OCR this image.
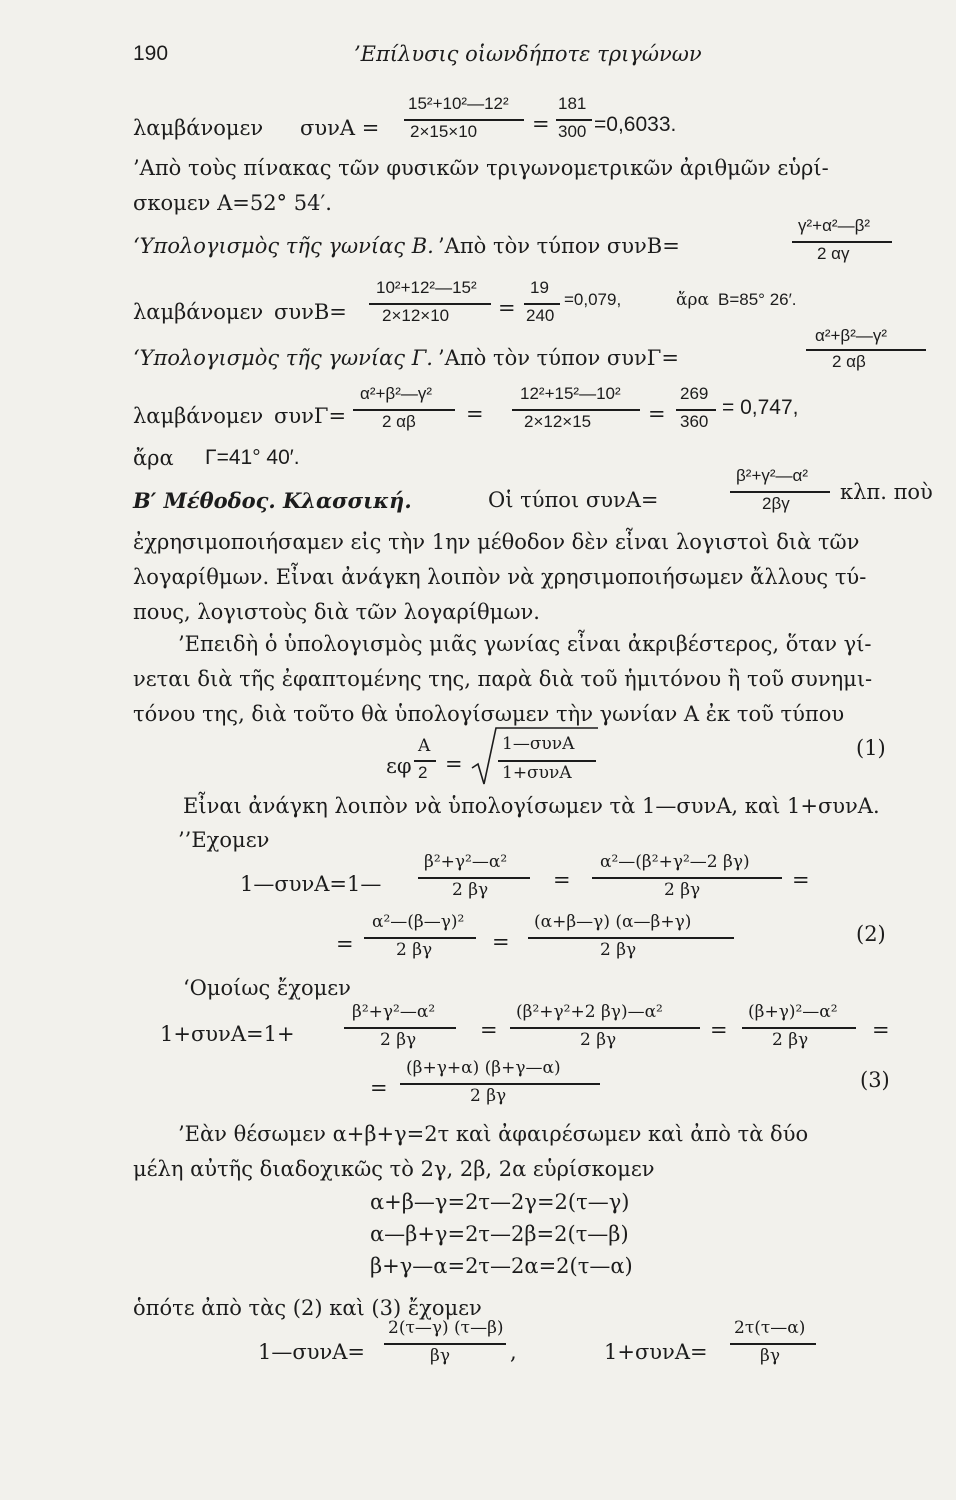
190	’Επίλυσις οἱωνδήποτε τριγώνων
λαμβάνομεν συνA =
15²+10²—12²
2×15×10	=
181
300 =0,6033.
’Aπὸ τοὺς πίνακας τῶν φυσικῶν τριγωνομετρικῶν ἀριθμῶν εὑρί-
σκομεν A=52° 54′.
‘Yπολογισμὸς τῆς γωνίας B. ’Aπὸ τὸν τύπον συνB=
γ²+α²—β²
2 αγ
λαμβάνομεν συνB=
10²+12²—15²
2×12×10 =
19
240
=0,079,	ἄρα B=85° 26′.
‘Yπολογισμὸς τῆς γωνίας Γ. ’Aπὸ τὸν τύπον συνΓ=
α²+β²—γ²
2 αβ
λαμβάνομεν συνΓ=
α²+β²—γ²
2 αβ =
12²+15²—10²
2×12×15	=
269
360
= 0,747,
ἄρα Γ=41° 40′.
B′ Μέθοδος. Κλασσική.	Oἱ τύποι συνA=
β²+γ²—α²
2βγ κλπ. ποὺ
ἐχρησιμοποιήσαμεν εἰς τὴν 1ην μέθοδον δὲν εἶναι λογιστοὶ διὰ τῶν
λογαρίθμων. Eἶναι ἀνάγκη λοιπὸν νὰ χρησιμοποιήσωμεν ἄλλους τύ-
πους, λογιστοὺς διὰ τῶν λογαρίθμων.
’Eπειδὴ ὁ ὑπολογισμὸς μιᾶς γωνίας εἶναι ἀκριβέστερος, ὅταν γί-
νεται διὰ τῆς ἐφαπτομένης της, παρὰ διὰ τοῦ ἡμιτόνου ἢ τοῦ συνημι-
τόνου της, διὰ τοῦτο θὰ ὑπολογίσωμεν τὴν γωνίαν A ἐκ τοῦ τύπου
εφ
A
2 =
1—συνA
1+συνA
(1)
Eἶναι ἀνάγκη λοιπὸν νὰ ὑπολογίσωμεν τὰ 1—συνA, καὶ 1+συνA.
’’Eχομεν
1—συνA=1—
β²+γ²—α²
2 βγ	=
α²—(β²+γ²—2 βγ)
2 βγ	=
=
α²—(β—γ)²
2 βγ	=
(α+β—γ) (α—β+γ)
2 βγ
(2)
‘Oμοίως ἔχομεν
1+συνA=1+
β²+γ²—α²
2 βγ	=
(β²+γ²+2 βγ)—α²
2 βγ	=
(β+γ)²—α²
2 βγ	=
=
(β+γ+α) (β+γ—α)
2 βγ
(3)
’Eὰν θέσωμεν α+β+γ=2τ καὶ ἀφαιρέσωμεν καὶ ἀπὸ τὰ δύο
μέλη αὐτῆς διαδοχικῶς τὸ 2γ, 2β, 2α εὑρίσκομεν
α+β—γ=2τ—2γ=2(τ—γ)
α—β+γ=2τ—2β=2(τ—β)
β+γ—α=2τ—2α=2(τ—α)
ὁπότε ἀπὸ τὰς (2) καὶ (3) ἔχομεν
1—συνA=
2(τ—γ) (τ—β)
βγ	,	1+συνA=
2τ(τ—α)
βγ
